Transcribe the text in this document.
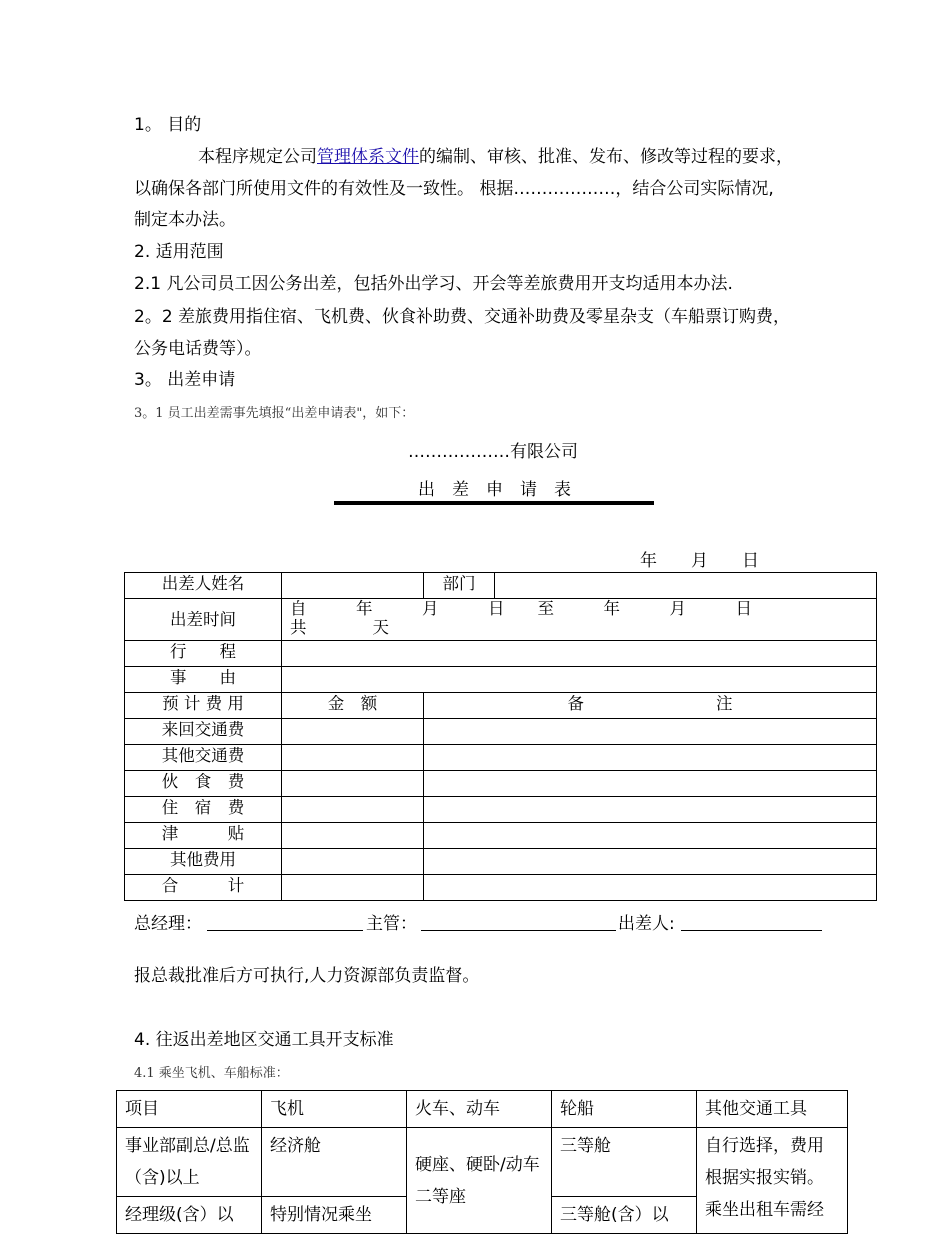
1。 目的
本程序规定公司管理体系文件的编制、审核、批准、发布、修改等过程的要求，
以确保各部门所使用文件的有效性及一致性。 根据………………，结合公司实际情况,
制定本办法。
2. 适用范围
2.1 凡公司员工因公务出差，包括外出学习、开会等差旅费用开支均适用本办法.
2。2 差旅费用指住宿、飞机费、伙食补助费、交通补助费及零星杂支（车船票订购费，
公务电话费等）。
3。 出差申请
3。1 员工出差需事先填报“出差申请表"，如下：
………………有限公司
出　差　申　请　表
年　　月　　日
出差人姓名		部门	
出差时间	自　　　年　　　月　　　日　　至　　　年　　　月　　　日
共　　　　天		

行　　程			
事　　由			
预 计 费 用	金　额	备　　　　　　　　注	
来回交通费			
其他交通费			
伙　食　费			
住　宿　费			
津　　　贴			
其他费用			
合　　　计			
总经理：	主管：	出差人:
报总裁批准后方可执行,人力资源部负责监督。
4. 往返出差地区交通工具开支标准
4.1 乘坐飞机、车船标准：
项目	飞机	火车、动车	轮船	其他交通工具
事业部副总/总监（含)以上	经济舱	硬座、硬卧/动车二等座	三等舱	自行选择，费用根据实报实销。乘坐出租车需经
经理级(含）以	特别情况乘坐		三等舱(含）以	
